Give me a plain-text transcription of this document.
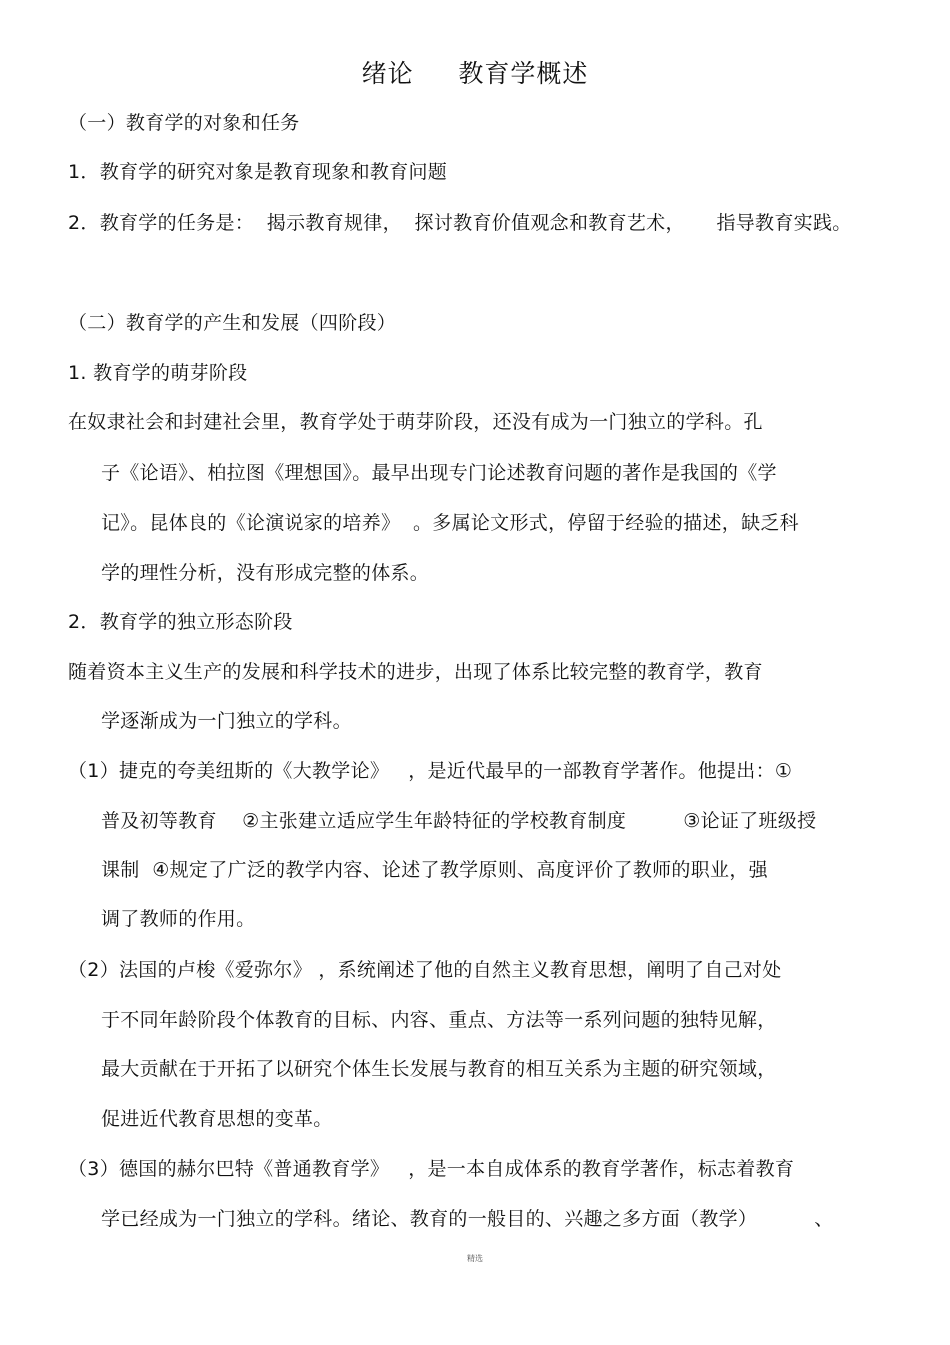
绪论     教育学概述
（一）教育学的对象和任务
1．教育学的研究对象是教育现象和教育问题
2．教育学的任务是：  揭示教育规律，  探讨教育价值观念和教育艺术，     指导教育实践。
（二）教育学的产生和发展（四阶段）
1. 教育学的萌芽阶段
在奴隶社会和封建社会里，教育学处于萌芽阶段，还没有成为一门独立的学科。孔
子《论语》、柏拉图《理想国》。最早出现专门论述教育问题的著作是我国的《学
记》。昆体良的《论演说家的培养》  。多属论文形式，停留于经验的描述，缺乏科
学的理性分析，没有形成完整的体系。
2．教育学的独立形态阶段
随着资本主义生产的发展和科学技术的进步，出现了体系比较完整的教育学，教育
学逐渐成为一门独立的学科。
（1）捷克的夸美纽斯的《大教学论》   ，是近代最早的一部教育学著作。他提出：①
普及初等教育    ②主张建立适应学生年龄特征的学校教育制度         ③论证了班级授
课制  ④规定了广泛的教学内容、论述了教学原则、高度评价了教师的职业，强
调了教师的作用。
（2）法国的卢梭《爱弥尔》 ，系统阐述了他的自然主义教育思想，阐明了自己对处
于不同年龄阶段个体教育的目标、内容、重点、方法等一系列问题的独特见解，
最大贡献在于开拓了以研究个体生长发展与教育的相互关系为主题的研究领域，
促进近代教育思想的变革。
（3）德国的赫尔巴特《普通教育学》   ，是一本自成体系的教育学著作，标志着教育
学已经成为一门独立的学科。绪论、教育的一般目的、兴趣之多方面（教学）         、
精选
